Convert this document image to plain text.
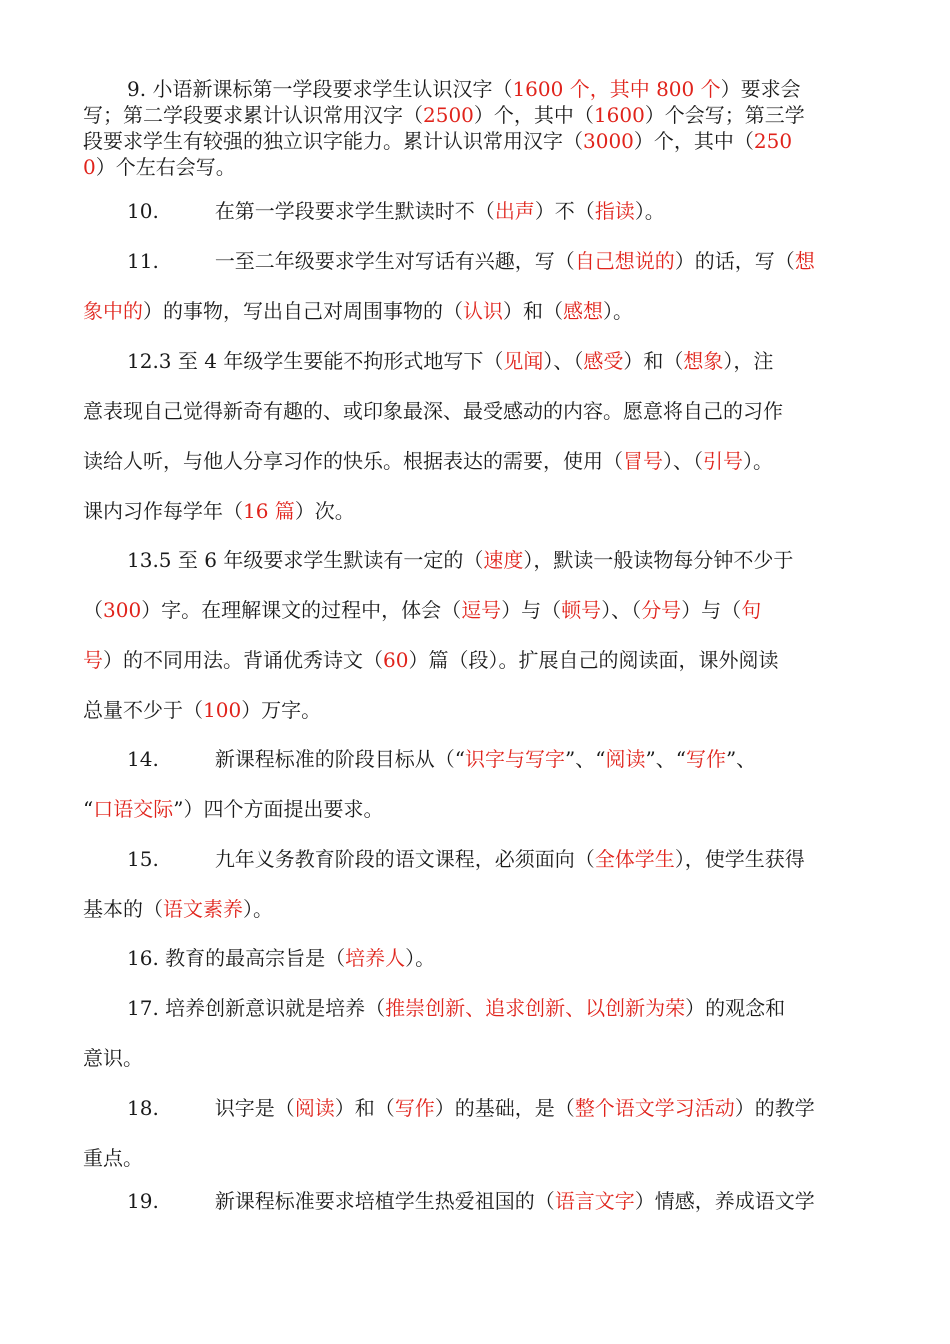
9. 小语新课标第一学段要求学生认识汉字（1600 个，其中 800 个）要求会
写；第二学段要求累计认识常用汉字（2500）个，其中（1600）个会写；第三学
段要求学生有较强的独立识字能力。累计认识常用汉字（3000）个，其中（250
0）个左右会写。
10.	在第一学段要求学生默读时不（出声）不（指读）。
11.	一至二年级要求学生对写话有兴趣，写（自己想说的）的话，写（想
象中的）的事物，写出自己对周围事物的（认识）和（感想）。
12.3 至 4 年级学生要能不拘形式地写下（见闻）、（感受）和（想象），注
意表现自己觉得新奇有趣的、或印象最深、最受感动的内容。愿意将自己的习作
读给人听，与他人分享习作的快乐。根据表达的需要，使用（冒号）、（引号）。
课内习作每学年（16 篇）次。
13.5 至 6 年级要求学生默读有一定的（速度），默读一般读物每分钟不少于
（300）字。在理解课文的过程中，体会（逗号）与（顿号）、（分号）与（句
号）的不同用法。背诵优秀诗文（60）篇（段）。扩展自己的阅读面，课外阅读
总量不少于（100）万字。
14.	新课程标准的阶段目标从（“识字与写字”、“阅读”、“写作”、
“口语交际”）四个方面提出要求。
15.	九年义务教育阶段的语文课程，必须面向（全体学生），使学生获得
基本的（语文素养）。
16. 教育的最高宗旨是（培养人）。
17. 培养创新意识就是培养（推崇创新、追求创新、以创新为荣）的观念和
意识。
18.	识字是（阅读）和（写作）的基础，是（整个语文学习活动）的教学
重点。
19.	新课程标准要求培植学生热爱祖国的（语言文字）情感，养成语文学
